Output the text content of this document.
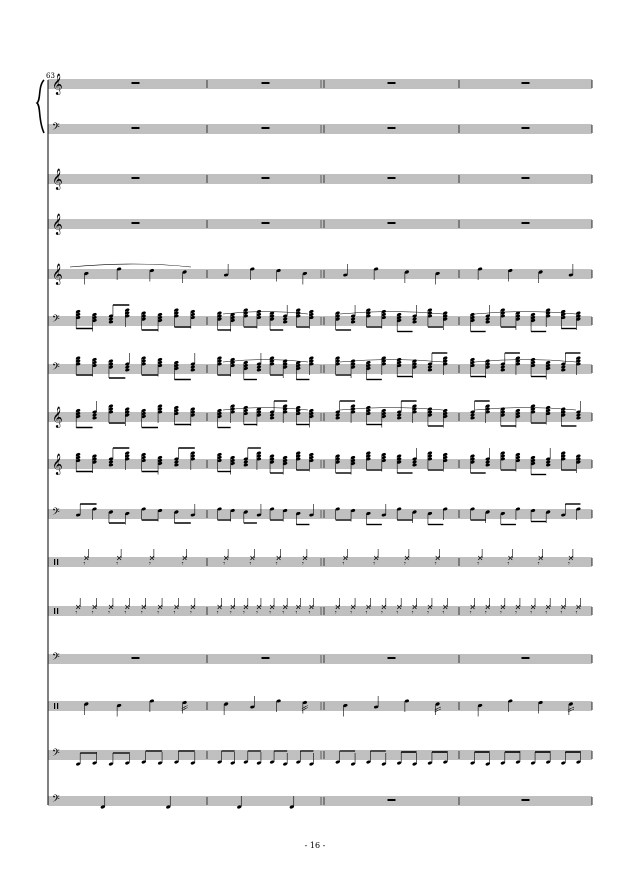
𝄞
𝄢
𝄞
𝄞
𝄞
𝄢
𝄢
𝄞
𝄞
𝄢
𝄾	𝄾	𝄾	𝄾	𝄾	𝄾	𝄾	𝄾	𝄾	𝄾	𝄾	𝄾	𝄾	𝄾	𝄾	𝄾
𝄾 𝄾 𝄾 𝄾 𝄾 𝄾 𝄾 𝄾	𝄾 𝄾 𝄾 𝄾 𝄾 𝄾 𝄾 𝄾	𝄾 𝄾 𝄾 𝄾 𝄾 𝄾 𝄾 𝄾	𝄾 𝄾 𝄾 𝄾 𝄾 𝄾 𝄾 𝄾
𝄢
𝄢
𝄢
63
- 16 -
